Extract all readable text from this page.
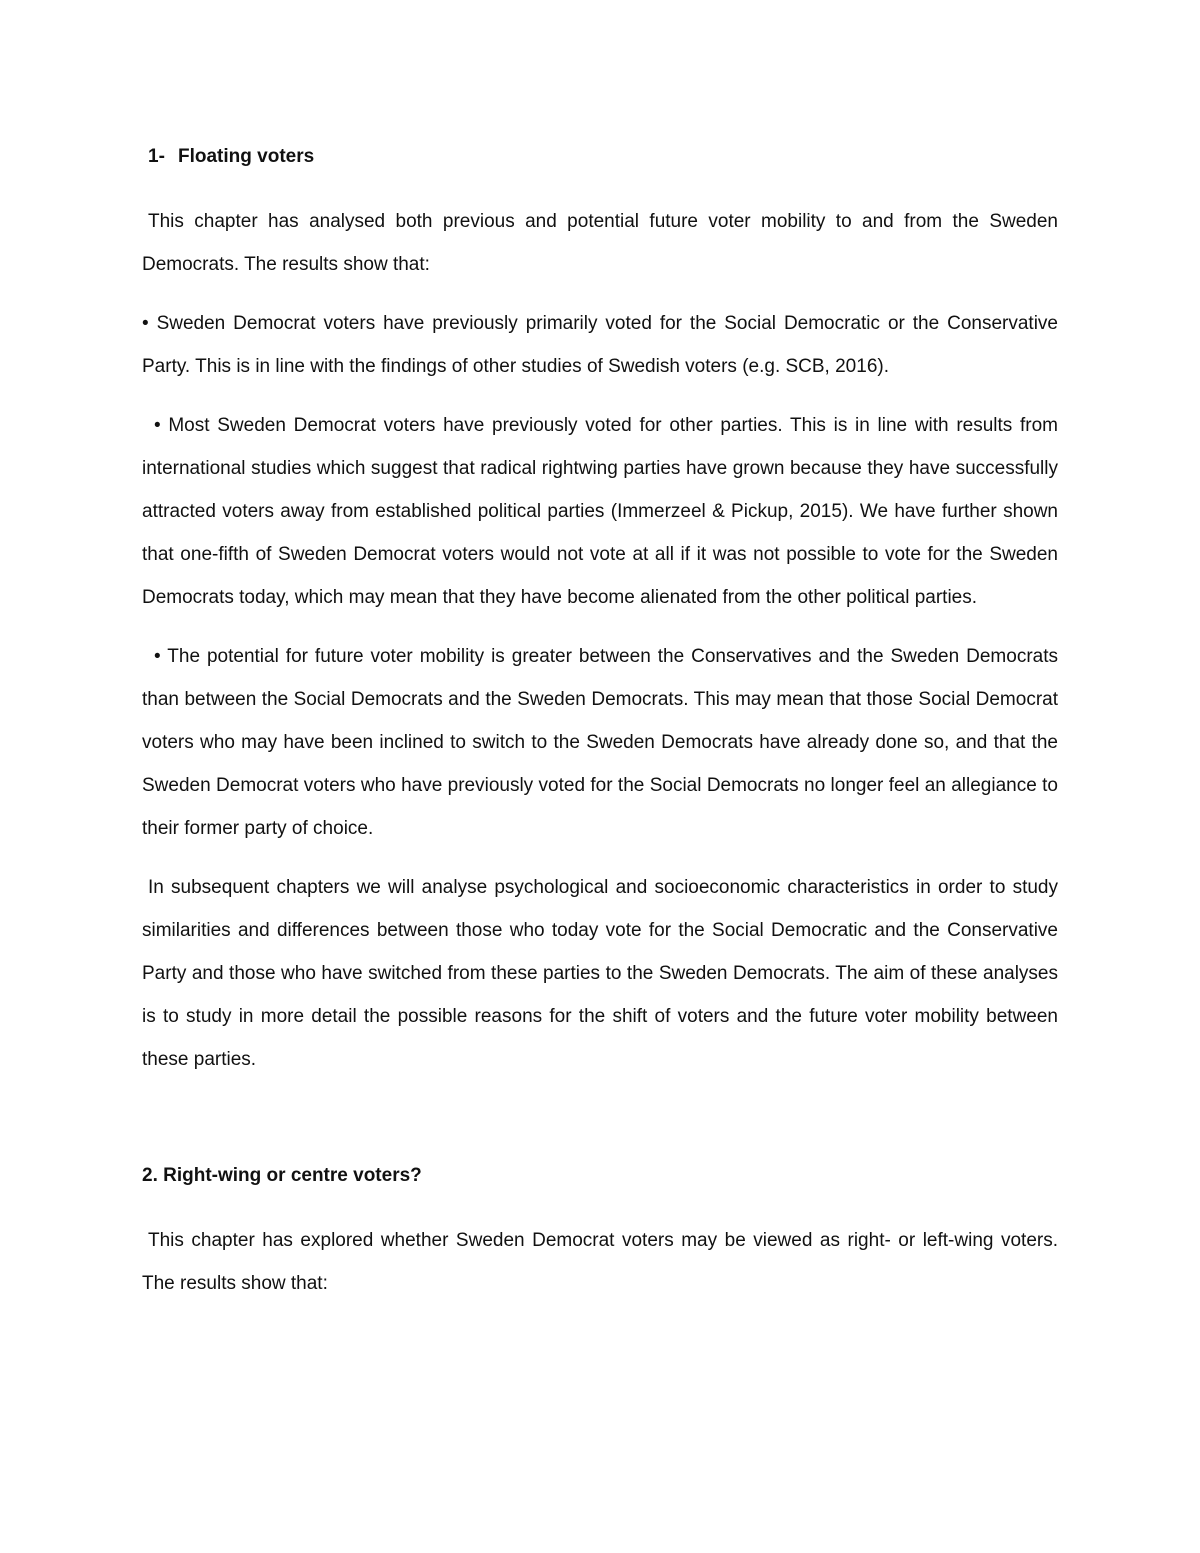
1- Floating voters

This chapter has analysed both previous and potential future voter mobility to and from the Sweden Democrats. The results show that:

• Sweden Democrat voters have previously primarily voted for the Social Democratic or the Conservative Party. This is in line with the findings of other studies of Swedish voters (e.g. SCB, 2016).

• Most Sweden Democrat voters have previously voted for other parties. This is in line with results from international studies which suggest that radical rightwing parties have grown because they have successfully attracted voters away from established political parties (Immerzeel & Pickup, 2015). We have further shown that one-fifth of Sweden Democrat voters would not vote at all if it was not possible to vote for the Sweden Democrats today, which may mean that they have become alienated from the other political parties.

• The potential for future voter mobility is greater between the Conservatives and the Sweden Democrats than between the Social Democrats and the Sweden Democrats. This may mean that those Social Democrat voters who may have been inclined to switch to the Sweden Democrats have already done so, and that the Sweden Democrat voters who have previously voted for the Social Democrats no longer feel an allegiance to their former party of choice.

In subsequent chapters we will analyse psychological and socioeconomic characteristics in order to study similarities and differences between those who today vote for the Social Democratic and the Conservative Party and those who have switched from these parties to the Sweden Democrats. The aim of these analyses is to study in more detail the possible reasons for the shift of voters and the future voter mobility between these parties.

2. Right-wing or centre voters?

This chapter has explored whether Sweden Democrat voters may be viewed as right- or left-wing voters. The results show that:
